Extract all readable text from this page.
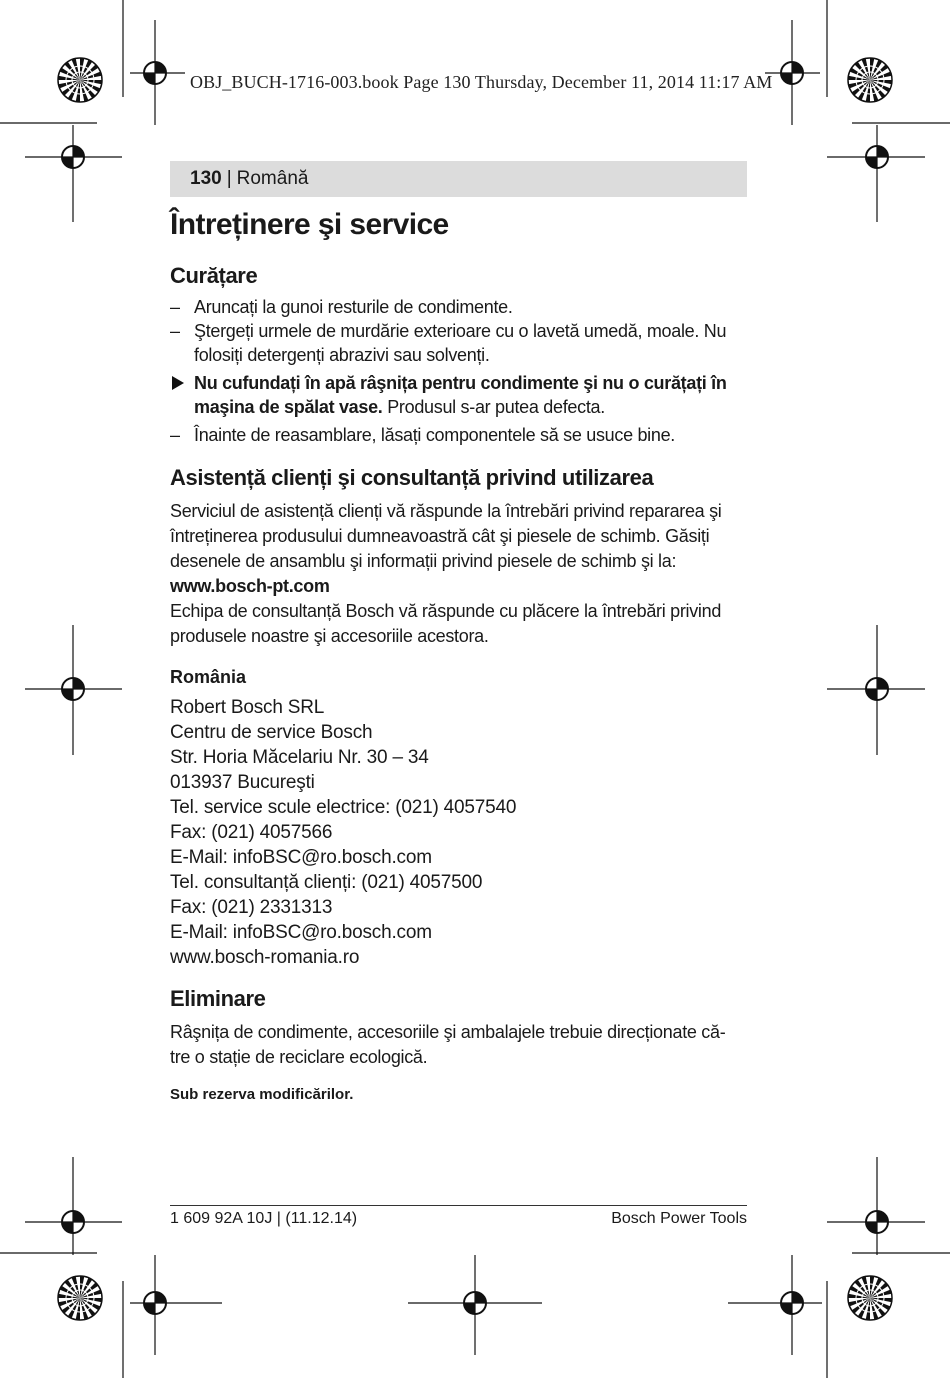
OBJ_BUCH-1716-003.book Page 130 Thursday, December 11, 2014 11:17 AM
130 | Română
Întreținere şi service
Curățare
– Aruncați la gunoi resturile de condimente.
– Ştergeți urmele de murdărie exterioare cu o lavetă umedă, moale. Nu
folosiți detergenți abrazivi sau solvenți.
Nu cufundați în apă râşnița pentru condimente şi nu o curățați în
maşina de spălat vase. Produsul s-ar putea defecta.
– Înainte de reasamblare, lăsați componentele să se usuce bine.
Asistență clienți şi consultanță privind utilizarea
Serviciul de asistență clienți vă răspunde la întrebări privind repararea şi întreținerea produsului dumneavoastră cât şi piesele de schimb. Găsiți desenele de ansamblu şi informații privind piesele de schimb şi la:
www.bosch-pt.com
Echipa de consultanță Bosch vă răspunde cu plăcere la întrebări privind produsele noastre şi accesoriile acestora.
România
Robert Bosch SRL
Centru de service Bosch
Str. Horia Măcelariu Nr. 30 – 34
013937 Bucureşti
Tel. service scule electrice: (021) 4057540
Fax: (021) 4057566
E-Mail: infoBSC@ro.bosch.com
Tel. consultanță clienți: (021) 4057500
Fax: (021) 2331313
E-Mail: infoBSC@ro.bosch.com
www.bosch-romania.ro
Eliminare
Râşnița de condimente, accesoriile şi ambalajele trebuie direcționate că-
tre o stație de reciclare ecologică.
Sub rezerva modificărilor.
1 609 92A 10J | (11.12.14)	Bosch Power Tools
